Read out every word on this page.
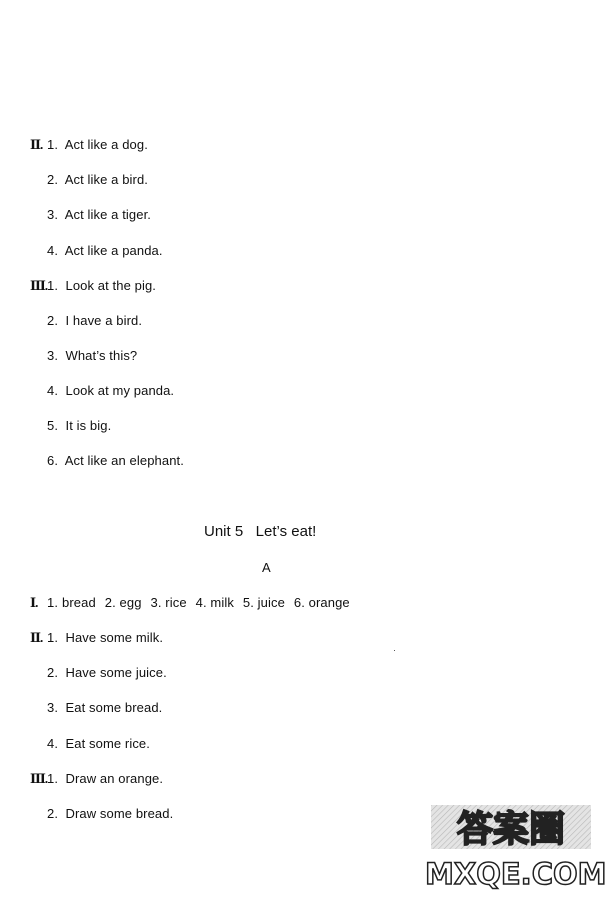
Ⅱ. 1. Act like a dog.
2. Act like a bird.
3. Act like a tiger.
4. Act like a panda.
Ⅲ. 1. Look at the pig.
2. I have a bird.
3. What’s this?
4. Look at my panda.
5. It is big.
6. Act like an elephant.
Unit 5   Let’s eat!
A
Ⅰ. 1. bread 2. egg 3. rice 4. milk 5. juice 6. orange
Ⅱ. 1. Have some milk.
2. Have some juice.
3. Eat some bread.
4. Eat some rice.
Ⅲ. 1. Draw an orange.
2. Draw some bread.	答案圈
MXQE.COM
